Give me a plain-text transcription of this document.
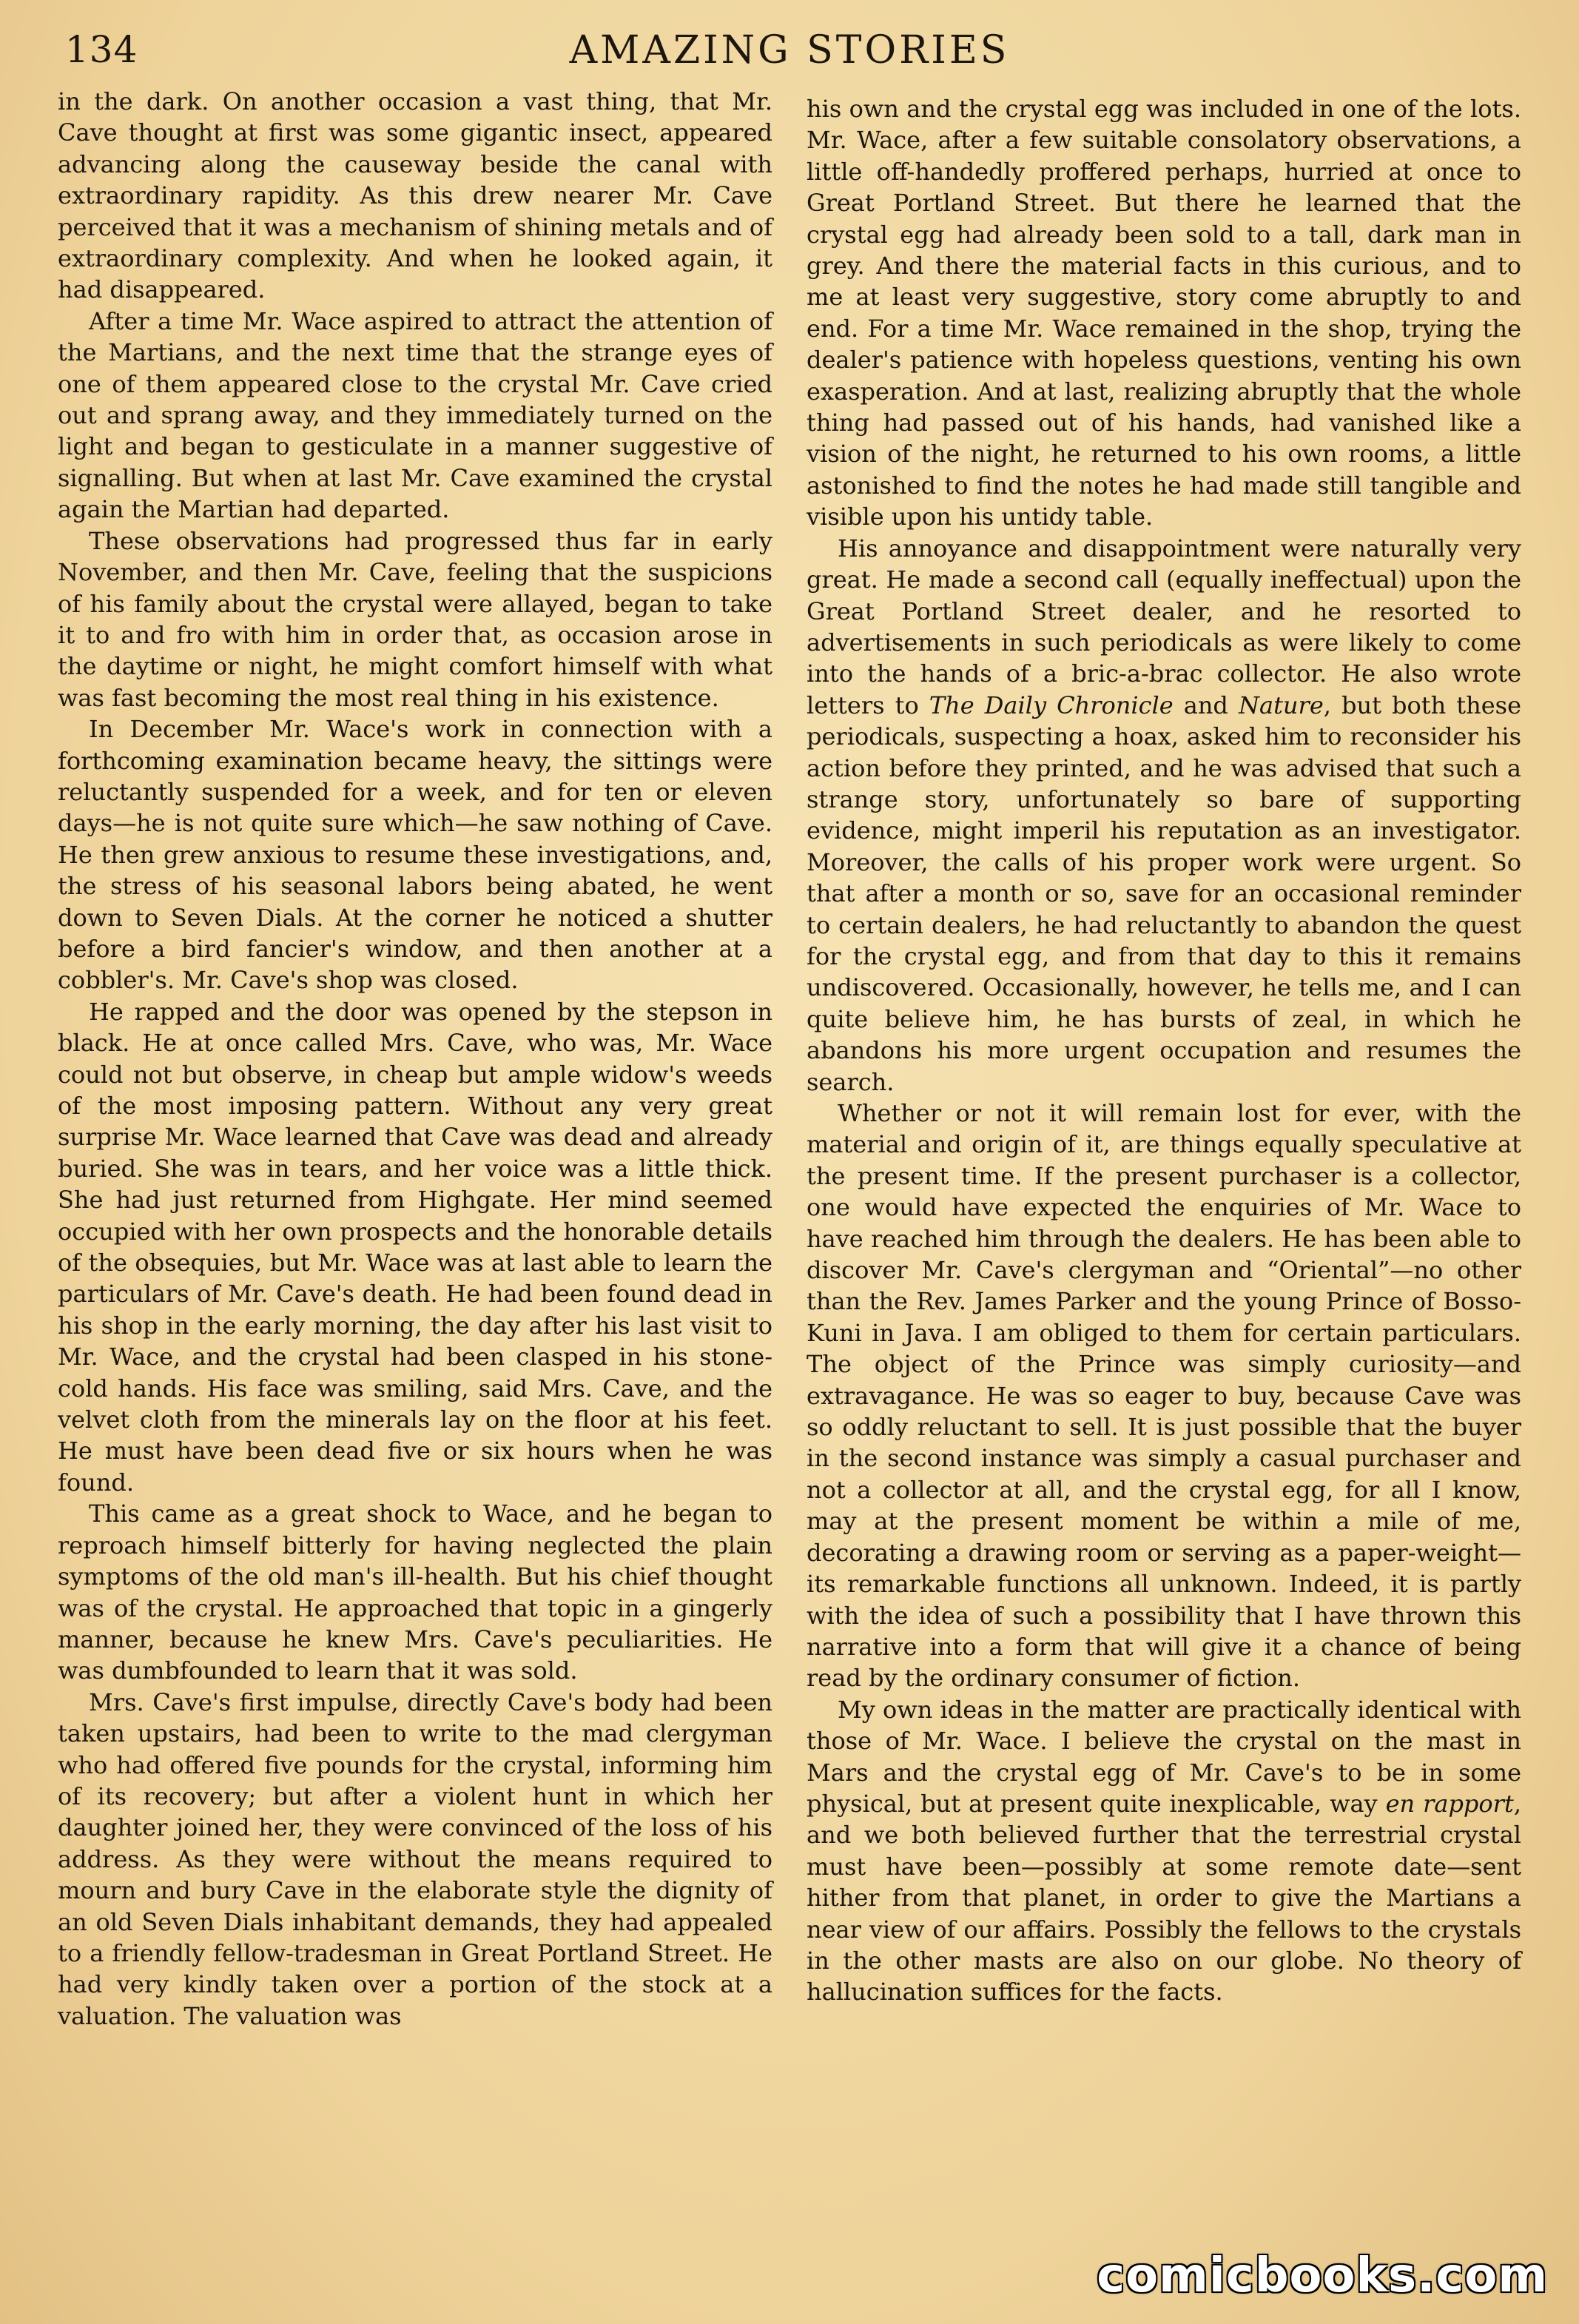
134	AMAZING STORIES

in the dark. On another occasion a vast thing, that Mr. Cave thought at first was some gigantic insect, appeared advancing along the causeway beside the canal with extraordinary rapidity. As this drew nearer Mr. Cave perceived that it was a mechanism of shining metals and of extraordinary complexity. And when he looked again, it had disappeared.

After a time Mr. Wace aspired to attract the attention of the Martians, and the next time that the strange eyes of one of them appeared close to the crystal Mr. Cave cried out and sprang away, and they immediately turned on the light and began to gesticulate in a manner suggestive of signalling. But when at last Mr. Cave examined the crystal again the Martian had departed.

These observations had progressed thus far in early November, and then Mr. Cave, feeling that the suspicions of his family about the crystal were allayed, began to take it to and fro with him in order that, as occasion arose in the daytime or night, he might comfort himself with what was fast becoming the most real thing in his existence.

In December Mr. Wace's work in connection with a forthcoming examination became heavy, the sittings were reluctantly suspended for a week, and for ten or eleven days—he is not quite sure which—he saw nothing of Cave. He then grew anxious to resume these investigations, and, the stress of his seasonal labors being abated, he went down to Seven Dials. At the corner he noticed a shutter before a bird fancier's window, and then another at a cobbler's. Mr. Cave's shop was closed.

He rapped and the door was opened by the stepson in black. He at once called Mrs. Cave, who was, Mr. Wace could not but observe, in cheap but ample widow's weeds of the most imposing pattern. Without any very great surprise Mr. Wace learned that Cave was dead and already buried. She was in tears, and her voice was a little thick. She had just returned from Highgate. Her mind seemed occupied with her own prospects and the honorable details of the obsequies, but Mr. Wace was at last able to learn the particulars of Mr. Cave's death. He had been found dead in his shop in the early morning, the day after his last visit to Mr. Wace, and the crystal had been clasped in his stone-cold hands. His face was smiling, said Mrs. Cave, and the velvet cloth from the minerals lay on the floor at his feet. He must have been dead five or six hours when he was found.

This came as a great shock to Wace, and he began to reproach himself bitterly for having neglected the plain symptoms of the old man's ill-health. But his chief thought was of the crystal. He approached that topic in a gingerly manner, because he knew Mrs. Cave's peculiarities. He was dumbfounded to learn that it was sold.

Mrs. Cave's first impulse, directly Cave's body had been taken upstairs, had been to write to the mad clergyman who had offered five pounds for the crystal, informing him of its recovery; but after a violent hunt in which her daughter joined her, they were convinced of the loss of his address. As they were without the means required to mourn and bury Cave in the elaborate style the dignity of an old Seven Dials inhabitant demands, they had appealed to a friendly fellow-tradesman in Great Portland Street. He had very kindly taken over a portion of the stock at a valuation. The valuation was

his own and the crystal egg was included in one of the lots. Mr. Wace, after a few suitable consolatory observations, a little off-handedly proffered perhaps, hurried at once to Great Portland Street. But there he learned that the crystal egg had already been sold to a tall, dark man in grey. And there the material facts in this curious, and to me at least very suggestive, story come abruptly to and end. For a time Mr. Wace remained in the shop, trying the dealer's patience with hopeless questions, venting his own exasperation. And at last, realizing abruptly that the whole thing had passed out of his hands, had vanished like a vision of the night, he returned to his own rooms, a little astonished to find the notes he had made still tangible and visible upon his untidy table.

His annoyance and disappointment were naturally very great. He made a second call (equally ineffectual) upon the Great Portland Street dealer, and he resorted to advertisements in such periodicals as were likely to come into the hands of a bric-a-brac collector. He also wrote letters to The Daily Chronicle and Nature, but both these periodicals, suspecting a hoax, asked him to reconsider his action before they printed, and he was advised that such a strange story, unfortunately so bare of supporting evidence, might imperil his reputation as an investigator. Moreover, the calls of his proper work were urgent. So that after a month or so, save for an occasional reminder to certain dealers, he had reluctantly to abandon the quest for the crystal egg, and from that day to this it remains undiscovered. Occasionally, however, he tells me, and I can quite believe him, he has bursts of zeal, in which he abandons his more urgent occupation and resumes the search.

Whether or not it will remain lost for ever, with the material and origin of it, are things equally speculative at the present time. If the present purchaser is a collector, one would have expected the enquiries of Mr. Wace to have reached him through the dealers. He has been able to discover Mr. Cave's clergyman and “Oriental”—no other than the Rev. James Parker and the young Prince of Bosso-Kuni in Java. I am obliged to them for certain particulars. The object of the Prince was simply curiosity—and extravagance. He was so eager to buy, because Cave was so oddly reluctant to sell. It is just possible that the buyer in the second instance was simply a casual purchaser and not a collector at all, and the crystal egg, for all I know, may at the present moment be within a mile of me, decorating a drawing room or serving as a paper-weight—its remarkable functions all unknown. Indeed, it is partly with the idea of such a possibility that I have thrown this narrative into a form that will give it a chance of being read by the ordinary consumer of fiction.

My own ideas in the matter are practically identical with those of Mr. Wace. I believe the crystal on the mast in Mars and the crystal egg of Mr. Cave's to be in some physical, but at present quite inexplicable, way en rapport, and we both believed further that the terrestrial crystal must have been—possibly at some remote date—sent hither from that planet, in order to give the Martians a near view of our affairs. Possibly the fellows to the crystals in the other masts are also on our globe. No theory of hallucination suffices for the facts.

comicbooks.com
